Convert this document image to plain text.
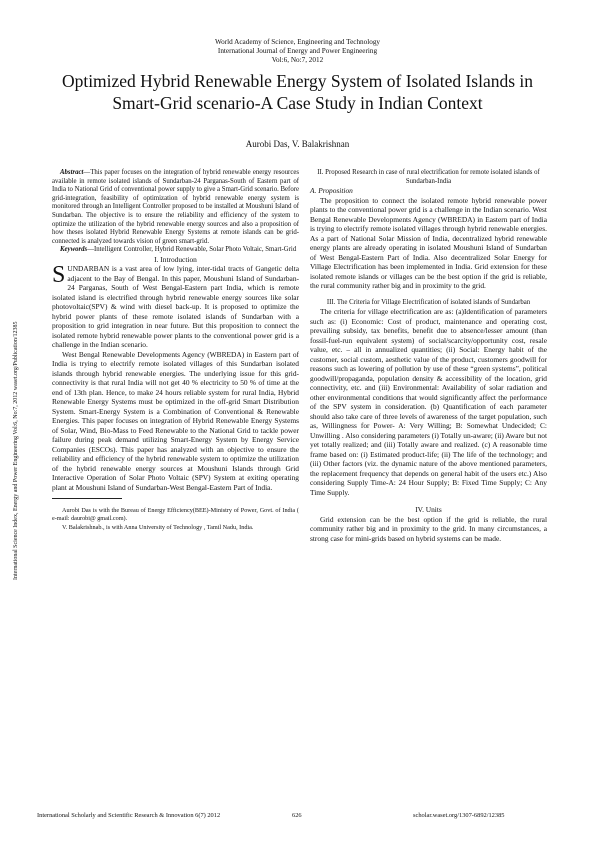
World Academy of Science, Engineering and Technology
International Journal of Energy and Power Engineering
Vol:6, No:7, 2012
Optimized Hybrid Renewable Energy System of Isolated Islands in Smart-Grid scenario-A Case Study in Indian Context
Aurobi Das, V. Balakrishnan
International Science Index, Energy and Power Engineering Vol:6, No:7, 2012 waset.org/Publication/12385

Abstract—This paper focuses on the integration of hybrid renewable energy resources available in remote isolated islands of Sundarban-24 Parganas-South of Eastern part of India to National Grid of conventional power supply to give a Smart-Grid scenario. Before grid-integration, feasibility of optimization of hybrid renewable energy system is monitored through an Intelligent Controller proposed to be installed at Moushuni Island of Sundarban. The objective is to ensure the reliability and efficiency of the system to optimize the utilization of the hybrid renewable energy sources and also a proposition of how theses isolated Hybrid Renewable Energy Systems at remote islands can be grid-connected is analyzed towards vision of green smart-grid.

Keywords—Intelligent Controller, Hybrid Renewable, Solar Photo Voltaic, Smart-Grid

I. Introduction

SUNDARBAN is a vast area of low lying, inter-tidal tracts of Gangetic delta adjacent to the Bay of Bengal. In this paper, Moushuni Island of Sundarban-24 Parganas, South of West Bengal-Eastern part India, which is remote isolated island is electrified through hybrid renewable energy sources like solar photovoltaic(SPV) & wind with diesel back-up. It is proposed to optimize the hybrid power plants of these remote isolated islands of Sundarban with a proposition to grid integration in near future. But this proposition to connect the isolated remote hybrid renewable power plants to the conventional power grid is a challenge in the Indian scenario.

West Bengal Renewable Developments Agency (WBREDA) in Eastern part of India is trying to electrify remote isolated villages of this Sundarban isolated islands through hybrid renewable energies. The underlying issue for this grid-connectivity is that rural India will not get 40 % electricity to 50 % of time at the end of 13th plan. Hence, to make 24 hours reliable system for rural India, Hybrid Renewable Energy Systems must be optimized in the off-grid Smart Distribution System. Smart-Energy System is a Combination of Conventional & Renewable Energies. This paper focuses on integration of Hybrid Renewable Energy Systems of Solar, Wind, Bio-Mass to Feed Renewable to the National Grid to tackle power failure during peak demand utilizing Smart-Energy System by Energy Service Companies (ESCOs). This paper has analyzed with an objective to ensure the reliability and efficiency of the hybrid renewable system to optimize the utilization of the hybrid renewable energy sources at Moushuni Islands through Grid Interactive Operation of Solar Photo Voltaic (SPV) System at exiting operating plant at Moushuni Island of Sundarban-West Bengal-Eastern Part of India.

Aurobi Das is with the Bureau of Energy Efficiency(BEE)-Ministry of Power, Govt. of India ( e-mail: daurobi@ gmail.com).

V. Balakrishnab., is with Anna University of Technology , Tamil Nadu, India.

II. Proposed Research in case of rural electrification for remote isolated islands of Sundarban-India

A. Proposition

The proposition to connect the isolated remote hybrid renewable power plants to the conventional power grid is a challenge in the Indian scenario. West Bengal Renewable Developments Agency (WBREDA) in Eastern part of India is trying to electrify remote isolated villages through hybrid renewable energies. As a part of National Solar Mission of India, decentralized hybrid renewable energy plants are already operating in isolated Moushuni Island of Sundarban of West Bengal-Eastern Part of India. Also decentralized Solar Energy for Village Electrification has been implemented in India. Grid extension for these isolated remote islands or villages can be the best option if the grid is reliable, the rural community rather big and in proximity to the grid.

III. The Criteria for Village Electrification of isolated islands of Sundarban

The criteria for village electrification are as: (a)Identification of parameters such as: (i) Economic: Cost of product, maintenance and operating cost, prevailing subsidy, tax benefits, benefit due to absence/lesser amount (than fossil-fuel-run equivalent system) of social/scarcity/opportunity cost, resale value, etc. – all in annualized quantities; (ii) Social: Energy habit of the customer, social custom, aesthetic value of the product, customers goodwill for reasons such as lowering of pollution by use of these “green systems”, political goodwill/propaganda, population density & accessibility of the location, grid connectivity, etc. and (iii) Environmental: Availability of solar radiation and other environmental conditions that would significantly affect the performance of the SPV system in consideration. (b) Quantification of each parameter should also take care of three levels of awareness of the target population, such as, Willingness for Power- A: Very Willing; B: Somewhat Undecided; C: Unwilling . Also considering parameters (i) Totally un-aware; (ii) Aware but not yet totally realized; and (iii) Totally aware and realized. (c) A reasonable time frame based on: (i) Estimated product-life; (ii) The life of the technology; and (iii) Other factors (viz. the dynamic nature of the above mentioned parameters, the replacement frequency that depends on general habit of the users etc.) Also considering Supply Time-A: 24 Hour Supply; B: Fixed Time Supply; C: Any Time Supply.

IV. Units

Grid extension can be the best option if the grid is reliable, the rural community rather big and in proximity to the grid. In many circumstances, a strong case for mini-grids based on hybrid systems can be made.

International Scholarly and Scientific Research & Innovation 6(7) 2012	626	scholar.waset.org/1307-6892/12385
